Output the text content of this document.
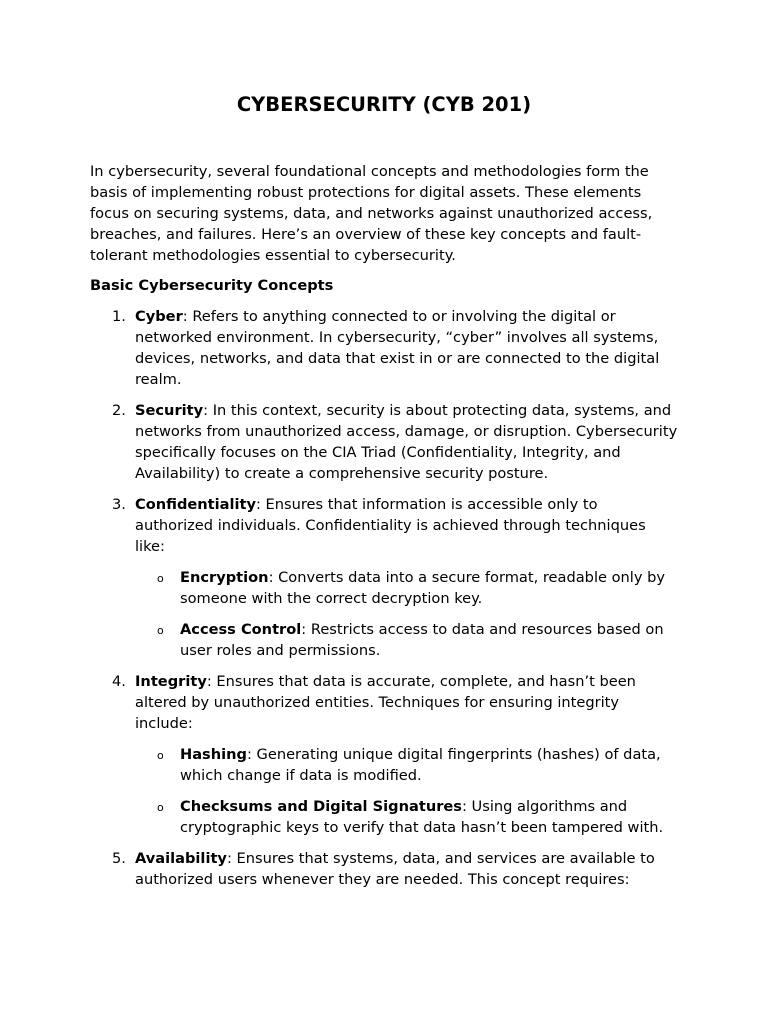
CYBERSECURITY (CYB 201)

In cybersecurity, several foundational concepts and methodologies form the basis of implementing robust protections for digital assets. These elements focus on securing systems, data, and networks against unauthorized access, breaches, and failures. Here’s an overview of these key concepts and fault-tolerant methodologies essential to cybersecurity.

Basic Cybersecurity Concepts

1. Cyber: Refers to anything connected to or involving the digital or networked environment. In cybersecurity, “cyber” involves all systems, devices, networks, and data that exist in or are connected to the digital realm.
2. Security: In this context, security is about protecting data, systems, and networks from unauthorized access, damage, or disruption. Cybersecurity specifically focuses on the CIA Triad (Confidentiality, Integrity, and Availability) to create a comprehensive security posture.
3. Confidentiality: Ensures that information is accessible only to authorized individuals. Confidentiality is achieved through techniques like:
o Encryption: Converts data into a secure format, readable only by someone with the correct decryption key.
o Access Control: Restricts access to data and resources based on user roles and permissions.
4. Integrity: Ensures that data is accurate, complete, and hasn’t been altered by unauthorized entities. Techniques for ensuring integrity include:
o Hashing: Generating unique digital fingerprints (hashes) of data, which change if data is modified.
o Checksums and Digital Signatures: Using algorithms and cryptographic keys to verify that data hasn’t been tampered with.
5. Availability: Ensures that systems, data, and services are available to authorized users whenever they are needed. This concept requires:
